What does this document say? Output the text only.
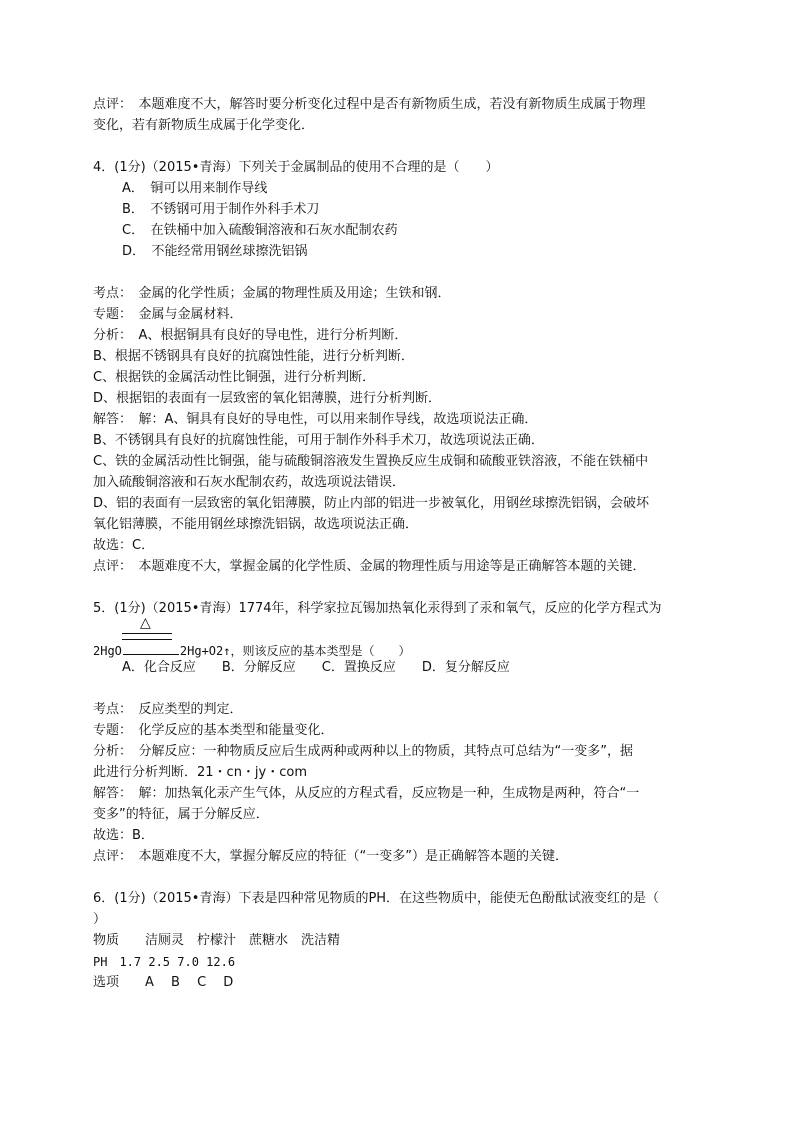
点评：　本题难度不大，解答时要分析变化过程中是否有新物质生成，若没有新物质生成属于物理
变化，若有新物质生成属于化学变化．
4．(1分)（2015•青海）下列关于金属制品的使用不合理的是（　　）
A．　铜可以用来制作导线
B．　不锈钢可用于制作外科手术刀
C．　在铁桶中加入硫酸铜溶液和石灰水配制农药
D．　不能经常用钢丝球擦洗铝锅
考点：　金属的化学性质；金属的物理性质及用途；生铁和钢．
专题：　金属与金属材料．
分析：　A、根据铜具有良好的导电性，进行分析判断．
B、根据不锈钢具有良好的抗腐蚀性能，进行分析判断．
C、根据铁的金属活动性比铜强，进行分析判断．
D、根据铝的表面有一层致密的氧化铝薄膜，进行分析判断．
解答：　解：A、铜具有良好的导电性，可以用来制作导线，故选项说法正确．
B、不锈钢具有良好的抗腐蚀性能，可用于制作外科手术刀，故选项说法正确．
C、铁的金属活动性比铜强，能与硫酸铜溶液发生置换反应生成铜和硫酸亚铁溶液，不能在铁桶中
加入硫酸铜溶液和石灰水配制农药，故选项说法错误．
D、铝的表面有一层致密的氧化铝薄膜，防止内部的铝进一步被氧化，用钢丝球擦洗铝锅，会破坏
氧化铝薄膜，不能用钢丝球擦洗铝锅，故选项说法正确．
故选：C．
点评：　本题难度不大，掌握金属的化学性质、金属的物理性质与用途等是正确解答本题的关键．
5．(1分)（2015•青海）1774年，科学家拉瓦锡加热氧化汞得到了汞和氧气，反应的化学方程式为
△
2HgO	2Hg+O2↑，则该反应的基本类型是（　　）
A．化合反应　　B．分解反应　　C．置换反应　　D．复分解反应
考点：　反应类型的判定．
专题：　化学反应的基本类型和能量变化．
分析：　分解反应：一种物质反应后生成两种或两种以上的物质，其特点可总结为“一变多”，据
此进行分析判断．21・cn・jy・com
解答：　解：加热氧化汞产生气体，从反应的方程式看，反应物是一种，生成物是两种，符合“一
变多”的特征，属于分解反应．
故选：B．
点评：　本题难度不大，掌握分解反应的特征（“一变多”）是正确解答本题的关键．
6．(1分)（2015•青海）下表是四种常见物质的PH．在这些物质中，能使无色酚酞试液变红的是（
）
物质　　洁厕灵　柠檬汁　蔗糖水　洗洁精
PH　1.7 2.5 7.0 12.6
选项　　A　 B　 C　 D
